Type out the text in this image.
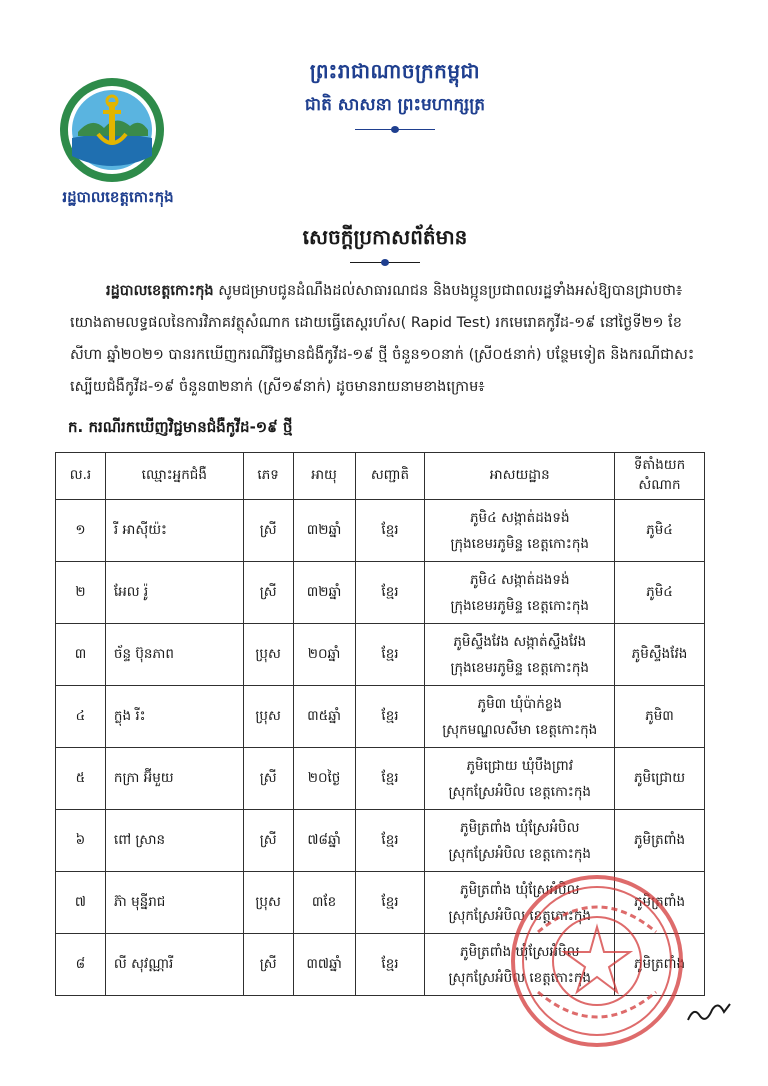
ព្រះរាជាណាចក្រកម្ពុជា
ជាតិ សាសនា ព្រះមហាក្សត្រ
រដ្ឋបាលខេត្តកោះកុង
សេចក្តីប្រកាសព័ត៌មាន

រដ្ឋបាលខេត្តកោះកុង សូមជម្រាបជូនដំណឹងដល់សាធារណជន និងបងប្អូនប្រជាពលរដ្ឋទាំងអស់ឱ្យបានជ្រាបថា៖ យោងតាមលទ្ធផលនៃការវិភាគវត្ថុសំណាក ដោយធ្វើតេស្តរហ័ស( Rapid Test) រកមេរោគកូវីដ-១៩ នៅថ្ងៃទី២១ ខែសីហា ឆ្នាំ២០២១ បានរកឃើញករណីវិជ្ជមានជំងឺកូវីដ-១៩ ថ្មី ចំនួន១០នាក់ (ស្រី០៥នាក់) បន្ថែមទៀត និងករណីជាសះស្បើយជំងឺកូវីដ-១៩ ចំនួន៣២នាក់ (ស្រី១៩នាក់) ដូចមានរាយនាមខាងក្រោម៖

ក. ករណីរកឃើញវិជ្ជមានជំងឺកូវីដ-១៩ ថ្មី
ល.រ	ឈ្មោះអ្នកជំងឺ	ភេទ	អាយុ	សញ្ជាតិ	អាសយដ្ឋាន	ទីតាំងយកសំណាក
១	រី អាស៊ីយ៉ះ	ស្រី	៣២ឆ្នាំ	ខ្មែរ	ភូមិ៤ សង្កាត់ដងទង់
ក្រុងខេមរភូមិន្ទ ខេត្តកោះកុង	ភូមិ៤
២	អែល រ៉ូ	ស្រី	៣២ឆ្នាំ	ខ្មែរ	ភូមិ៤ សង្កាត់ដងទង់
ក្រុងខេមរភូមិន្ទ ខេត្តកោះកុង	ភូមិ៤
៣	ច័ន្ទ ប៊ុនភាព	ប្រុស	២០ឆ្នាំ	ខ្មែរ	ភូមិស្ទឹងវែង សង្កាត់ស្ទឹងវែង
ក្រុងខេមរភូមិន្ទ ខេត្តកោះកុង	ភូមិស្ទឹងវែង
៤	ក្លុង រីះ	ប្រុស	៣៥ឆ្នាំ	ខ្មែរ	ភូមិ៣ ឃុំប៉ាក់ខ្លង
ស្រុកមណ្ឌលសីមា ខេត្តកោះកុង	ភូមិ៣
៥	កក្រា អ៊ីមួយ	ស្រី	២០ថ្ងៃ	ខ្មែរ	ភូមិជ្រោយ ឃុំបឹងព្រាវ
ស្រុកស្រែអំបិល ខេត្តកោះកុង	ភូមិជ្រោយ
៦	ពៅ ស្រាន	ស្រី	៧៨ឆ្នាំ	ខ្មែរ	ភូមិត្រពាំង ឃុំស្រែអំបិល
ស្រុកស្រែអំបិល ខេត្តកោះកុង	ភូមិត្រពាំង
៧	ភ៊ា មុន្នីរាជ	ប្រុស	៣ខែ	ខ្មែរ	ភូមិត្រពាំង ឃុំស្រែអំបិល
ស្រុកស្រែអំបិល ខេត្តកោះកុង	ភូមិត្រពាំង
៨	លី សុវណ្ណារី	ស្រី	៣៧ឆ្នាំ	ខ្មែរ	ភូមិត្រពាំង ឃុំស្រែអំបិល
ស្រុកស្រែអំបិល ខេត្តកោះកុង	ភូមិត្រពាំង
